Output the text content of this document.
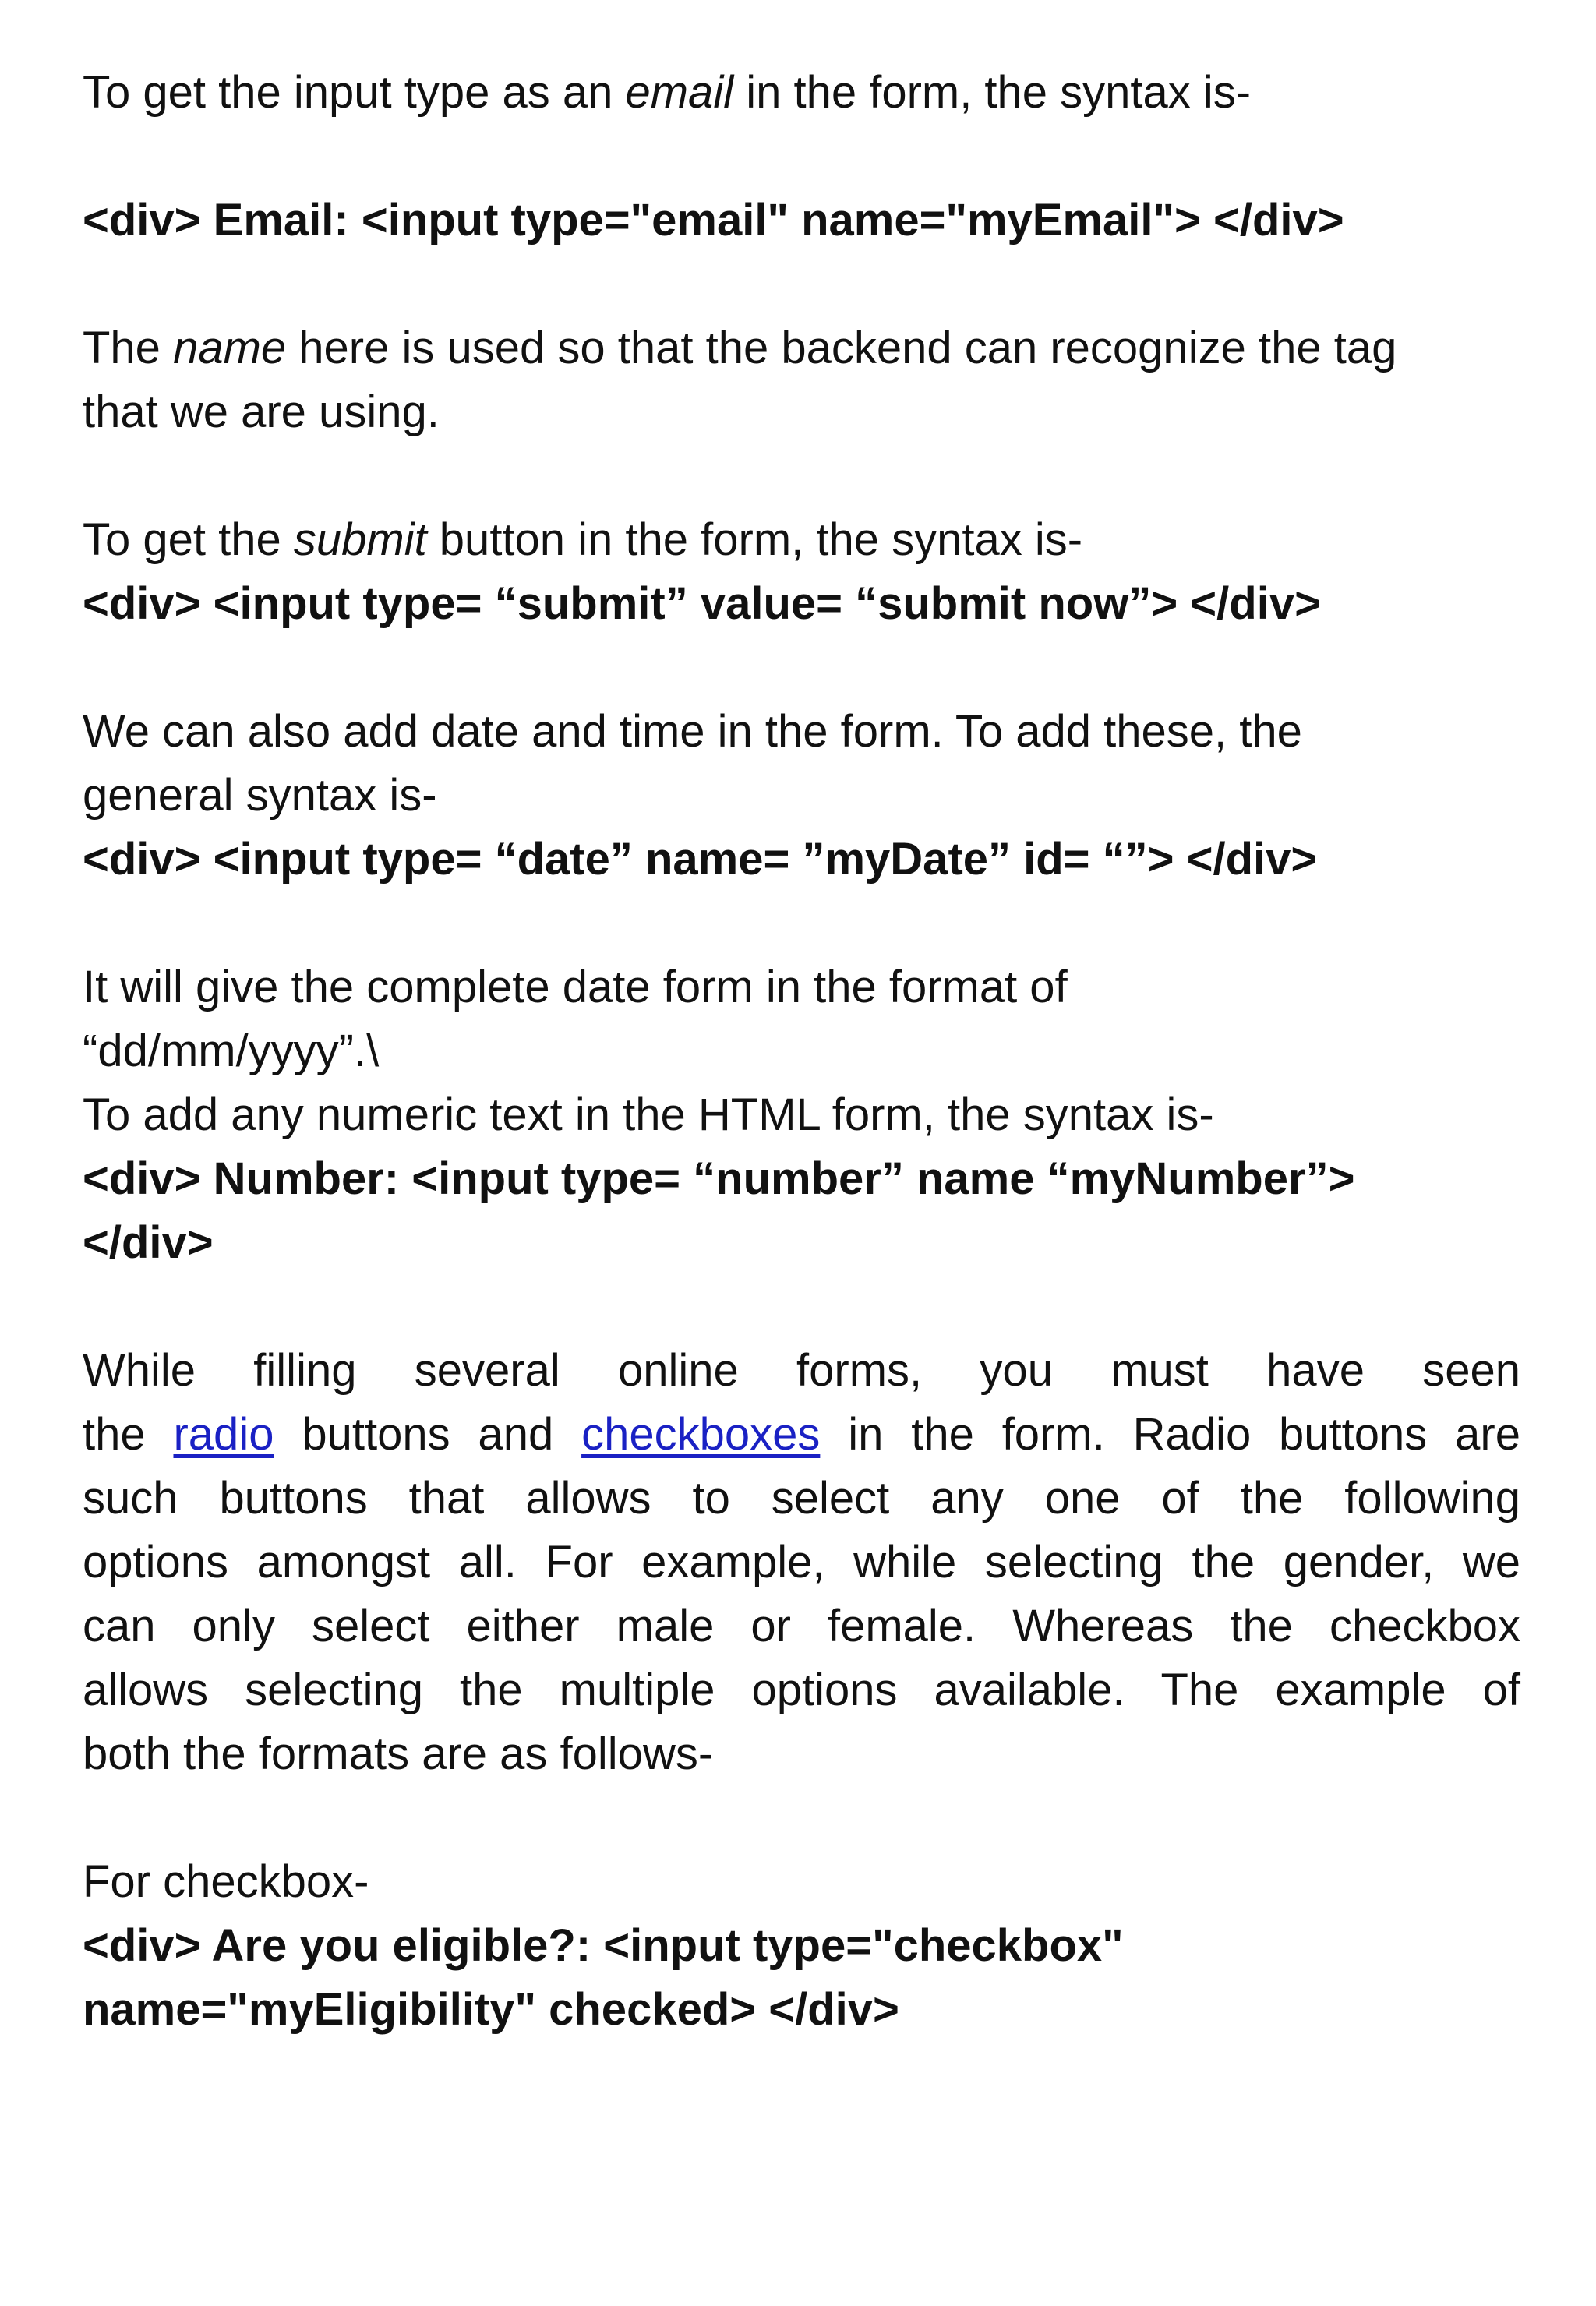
To get the input type as an email in the form, the syntax is-
<div> Email: <input type="email" name="myEmail"> </div>
The name here is used so that the backend can recognize the tag
that we are using.
To get the submit button in the form, the syntax is-
<div> <input type= “submit” value= “submit now”> </div>
We can also add date and time in the form. To add these, the
general syntax is-
<div> <input type= “date” name= ”myDate” id= “”> </div>
It will give the complete date form in the format of
“dd/mm/yyyy”.\
To add any numeric text in the HTML form, the syntax is-
<div> Number: <input type= “number” name “myNumber”>
</div>
While filling several online forms, you must have seen
the radio buttons and checkboxes in the form. Radio buttons are
such buttons that allows to select any one of the following
options amongst all. For example, while selecting the gender, we
can only select either male or female. Whereas the checkbox
allows selecting the multiple options available. The example of
both the formats are as follows-
For checkbox-
<div> Are you eligible?: <input type="checkbox"
name="myEligibility" checked> </div>
